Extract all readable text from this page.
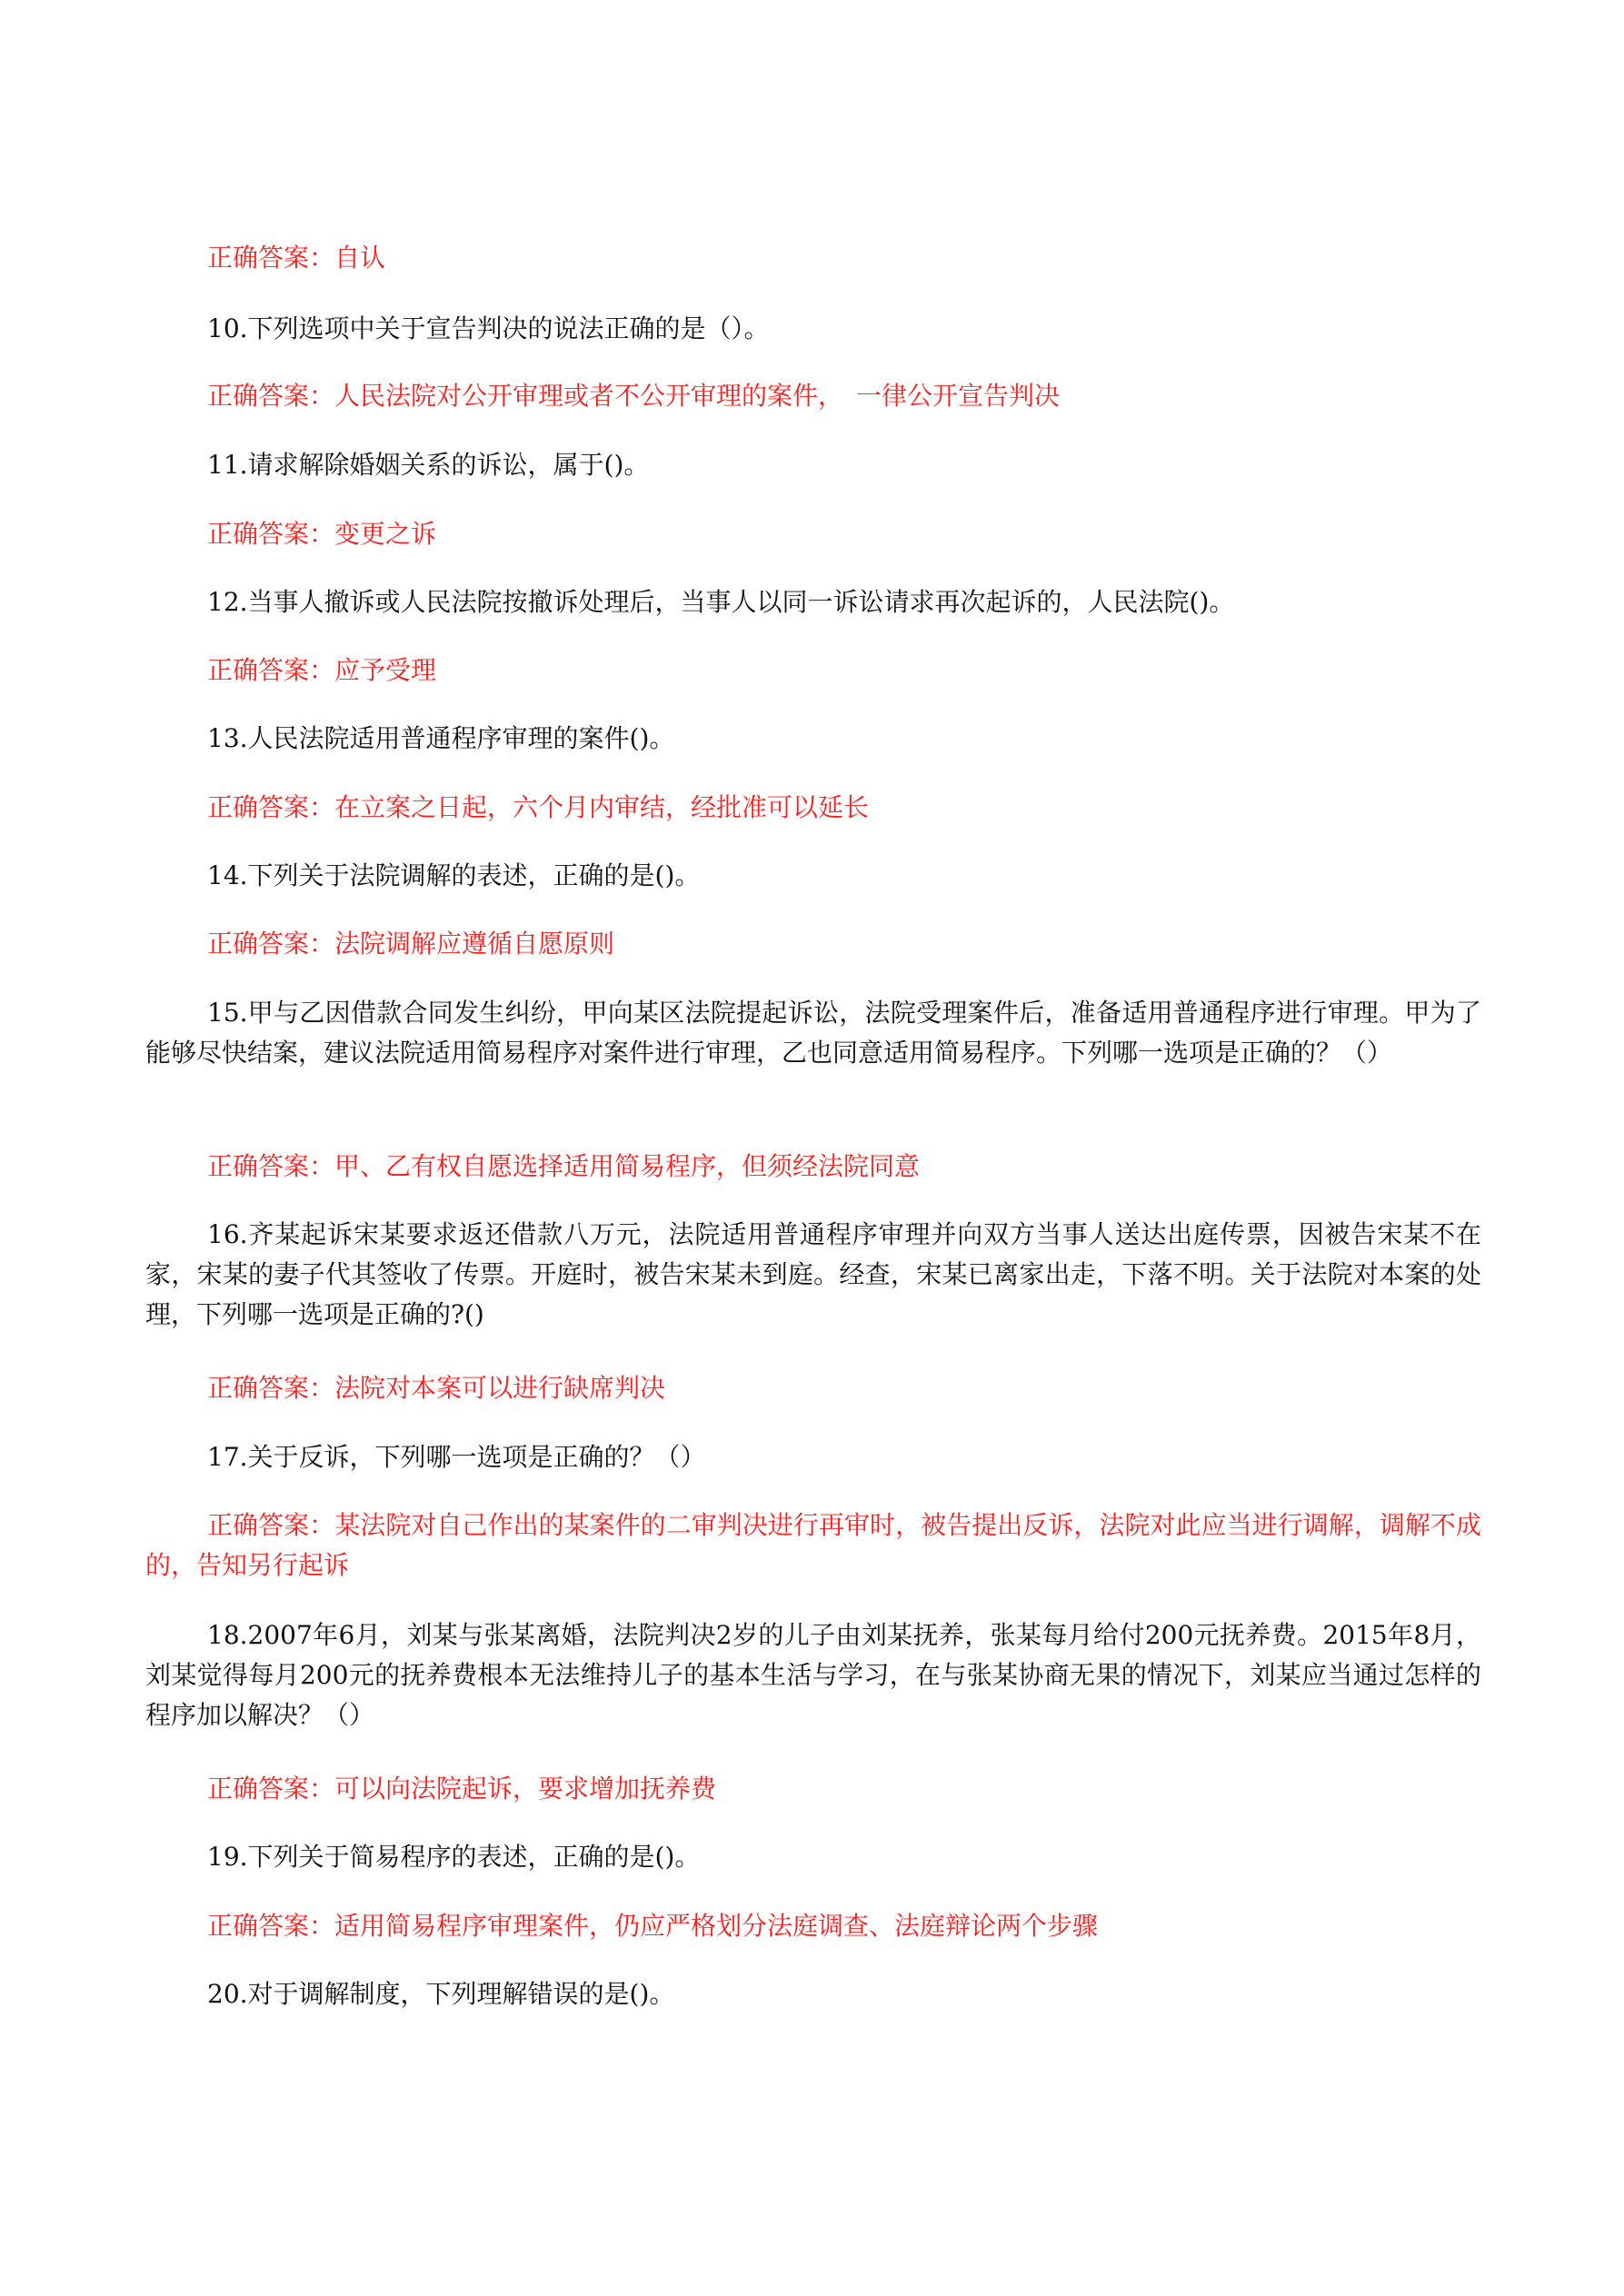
正确答案：自认
10.下列选项中关于宣告判决的说法正确的是（）。
正确答案：人民法院对公开审理或者不公开审理的案件，　一律公开宣告判决
11.请求解除婚姻关系的诉讼，属于()。
正确答案：变更之诉
12.当事人撤诉或人民法院按撤诉处理后，当事人以同一诉讼请求再次起诉的，人民法院()。
正确答案：应予受理
13.人民法院适用普通程序审理的案件()。
正确答案：在立案之日起，六个月内审结，经批准可以延长
14.下列关于法院调解的表述，正确的是()。
正确答案：法院调解应遵循自愿原则
15.甲与乙因借款合同发生纠纷，甲向某区法院提起诉讼，法院受理案件后，准备适用普通程序进行审理。甲为了能够尽快结案，建议法院适用简易程序对案件进行审理，乙也同意适用简易程序。下列哪一选项是正确的？（）
正确答案：甲、乙有权自愿选择适用简易程序，但须经法院同意
16.齐某起诉宋某要求返还借款八万元，法院适用普通程序审理并向双方当事人送达出庭传票，因被告宋某不在家，宋某的妻子代其签收了传票。开庭时，被告宋某未到庭。经查，宋某已离家出走，下落不明。关于法院对本案的处理，下列哪一选项是正确的?()
正确答案：法院对本案可以进行缺席判决
17.关于反诉，下列哪一选项是正确的？（）
正确答案：某法院对自己作出的某案件的二审判决进行再审时，被告提出反诉，法院对此应当进行调解，调解不成的，告知另行起诉
18.2007年6月，刘某与张某离婚，法院判决2岁的儿子由刘某抚养，张某每月给付200元抚养费。2015年8月，刘某觉得每月200元的抚养费根本无法维持儿子的基本生活与学习，在与张某协商无果的情况下，刘某应当通过怎样的程序加以解决？（）
正确答案：可以向法院起诉，要求增加抚养费
19.下列关于简易程序的表述，正确的是()。
正确答案：适用简易程序审理案件，仍应严格划分法庭调查、法庭辩论两个步骤
20.对于调解制度，下列理解错误的是()。
